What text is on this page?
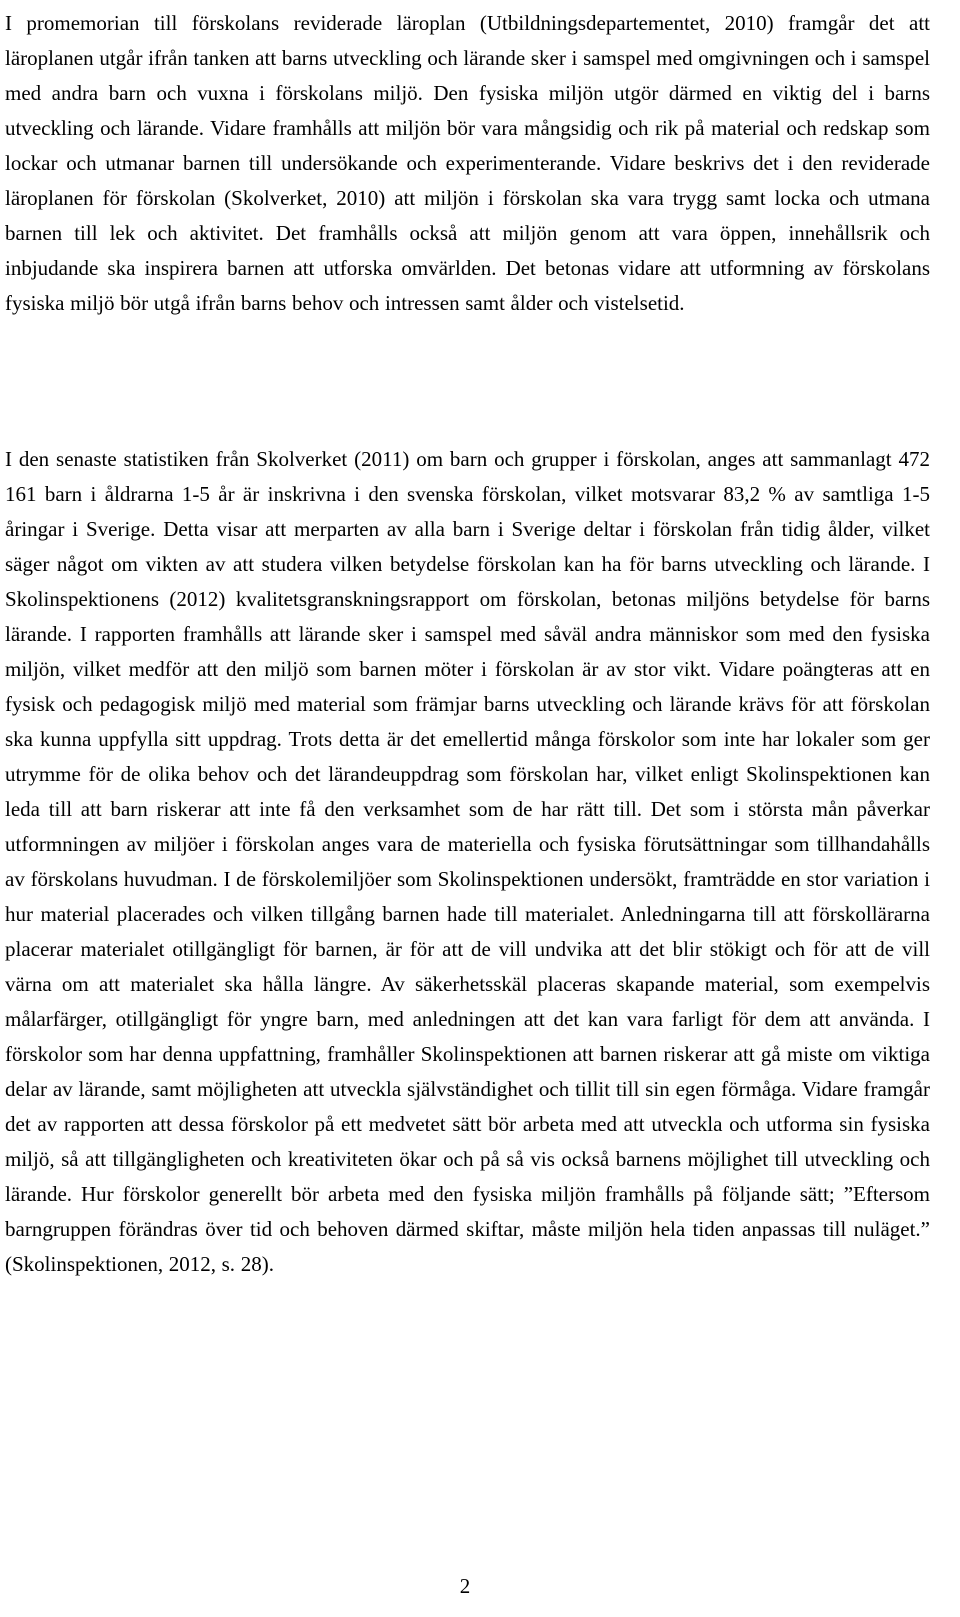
I promemorian till förskolans reviderade läroplan (Utbildningsdepartementet, 2010) framgår det att läroplanen utgår ifrån tanken att barns utveckling och lärande sker i samspel med omgivningen och i samspel med andra barn och vuxna i förskolans miljö. Den fysiska miljön utgör därmed en viktig del i barns utveckling och lärande. Vidare framhålls att miljön bör vara mångsidig och rik på material och redskap som lockar och utmanar barnen till undersökande och experimenterande. Vidare beskrivs det i den reviderade läroplanen för förskolan (Skolverket, 2010) att miljön i förskolan ska vara trygg samt locka och utmana barnen till lek och aktivitet. Det framhålls också att miljön genom att vara öppen, innehållsrik och inbjudande ska inspirera barnen att utforska omvärlden. Det betonas vidare att utformning av förskolans fysiska miljö bör utgå ifrån barns behov och intressen samt ålder och vistelsetid.

I den senaste statistiken från Skolverket (2011) om barn och grupper i förskolan, anges att sammanlagt 472 161 barn i åldrarna 1-5 år är inskrivna i den svenska förskolan, vilket motsvarar 83,2 % av samtliga 1-5 åringar i Sverige. Detta visar att merparten av alla barn i Sverige deltar i förskolan från tidig ålder, vilket säger något om vikten av att studera vilken betydelse förskolan kan ha för barns utveckling och lärande. I Skolinspektionens (2012) kvalitetsgranskningsrapport om förskolan, betonas miljöns betydelse för barns lärande. I rapporten framhålls att lärande sker i samspel med såväl andra människor som med den fysiska miljön, vilket medför att den miljö som barnen möter i förskolan är av stor vikt. Vidare poängteras att en fysisk och pedagogisk miljö med material som främjar barns utveckling och lärande krävs för att förskolan ska kunna uppfylla sitt uppdrag. Trots detta är det emellertid många förskolor som inte har lokaler som ger utrymme för de olika behov och det lärandeuppdrag som förskolan har, vilket enligt Skolinspektionen kan leda till att barn riskerar att inte få den verksamhet som de har rätt till. Det som i största mån påverkar utformningen av miljöer i förskolan anges vara de materiella och fysiska förutsättningar som tillhandahålls av förskolans huvudman. I de förskolemiljöer som Skolinspektionen undersökt, framträdde en stor variation i hur material placerades och vilken tillgång barnen hade till materialet. Anledningarna till att förskollärarna placerar materialet otillgängligt för barnen, är för att de vill undvika att det blir stökigt och för att de vill värna om att materialet ska hålla längre. Av säkerhetsskäl placeras skapande material, som exempelvis målarfärger, otillgängligt för yngre barn, med anledningen att det kan vara farligt för dem att använda. I förskolor som har denna uppfattning, framhåller Skolinspektionen att barnen riskerar att gå miste om viktiga delar av lärande, samt möjligheten att utveckla självständighet och tillit till sin egen förmåga. Vidare framgår det av rapporten att dessa förskolor på ett medvetet sätt bör arbeta med att utveckla och utforma sin fysiska miljö, så att tillgängligheten och kreativiteten ökar och på så vis också barnens möjlighet till utveckling och lärande. Hur förskolor generellt bör arbeta med den fysiska miljön framhålls på följande sätt; ”Eftersom barngruppen förändras över tid och behoven därmed skiftar, måste miljön hela tiden anpassas till nuläget.” (Skolinspektionen, 2012, s. 28).

2
